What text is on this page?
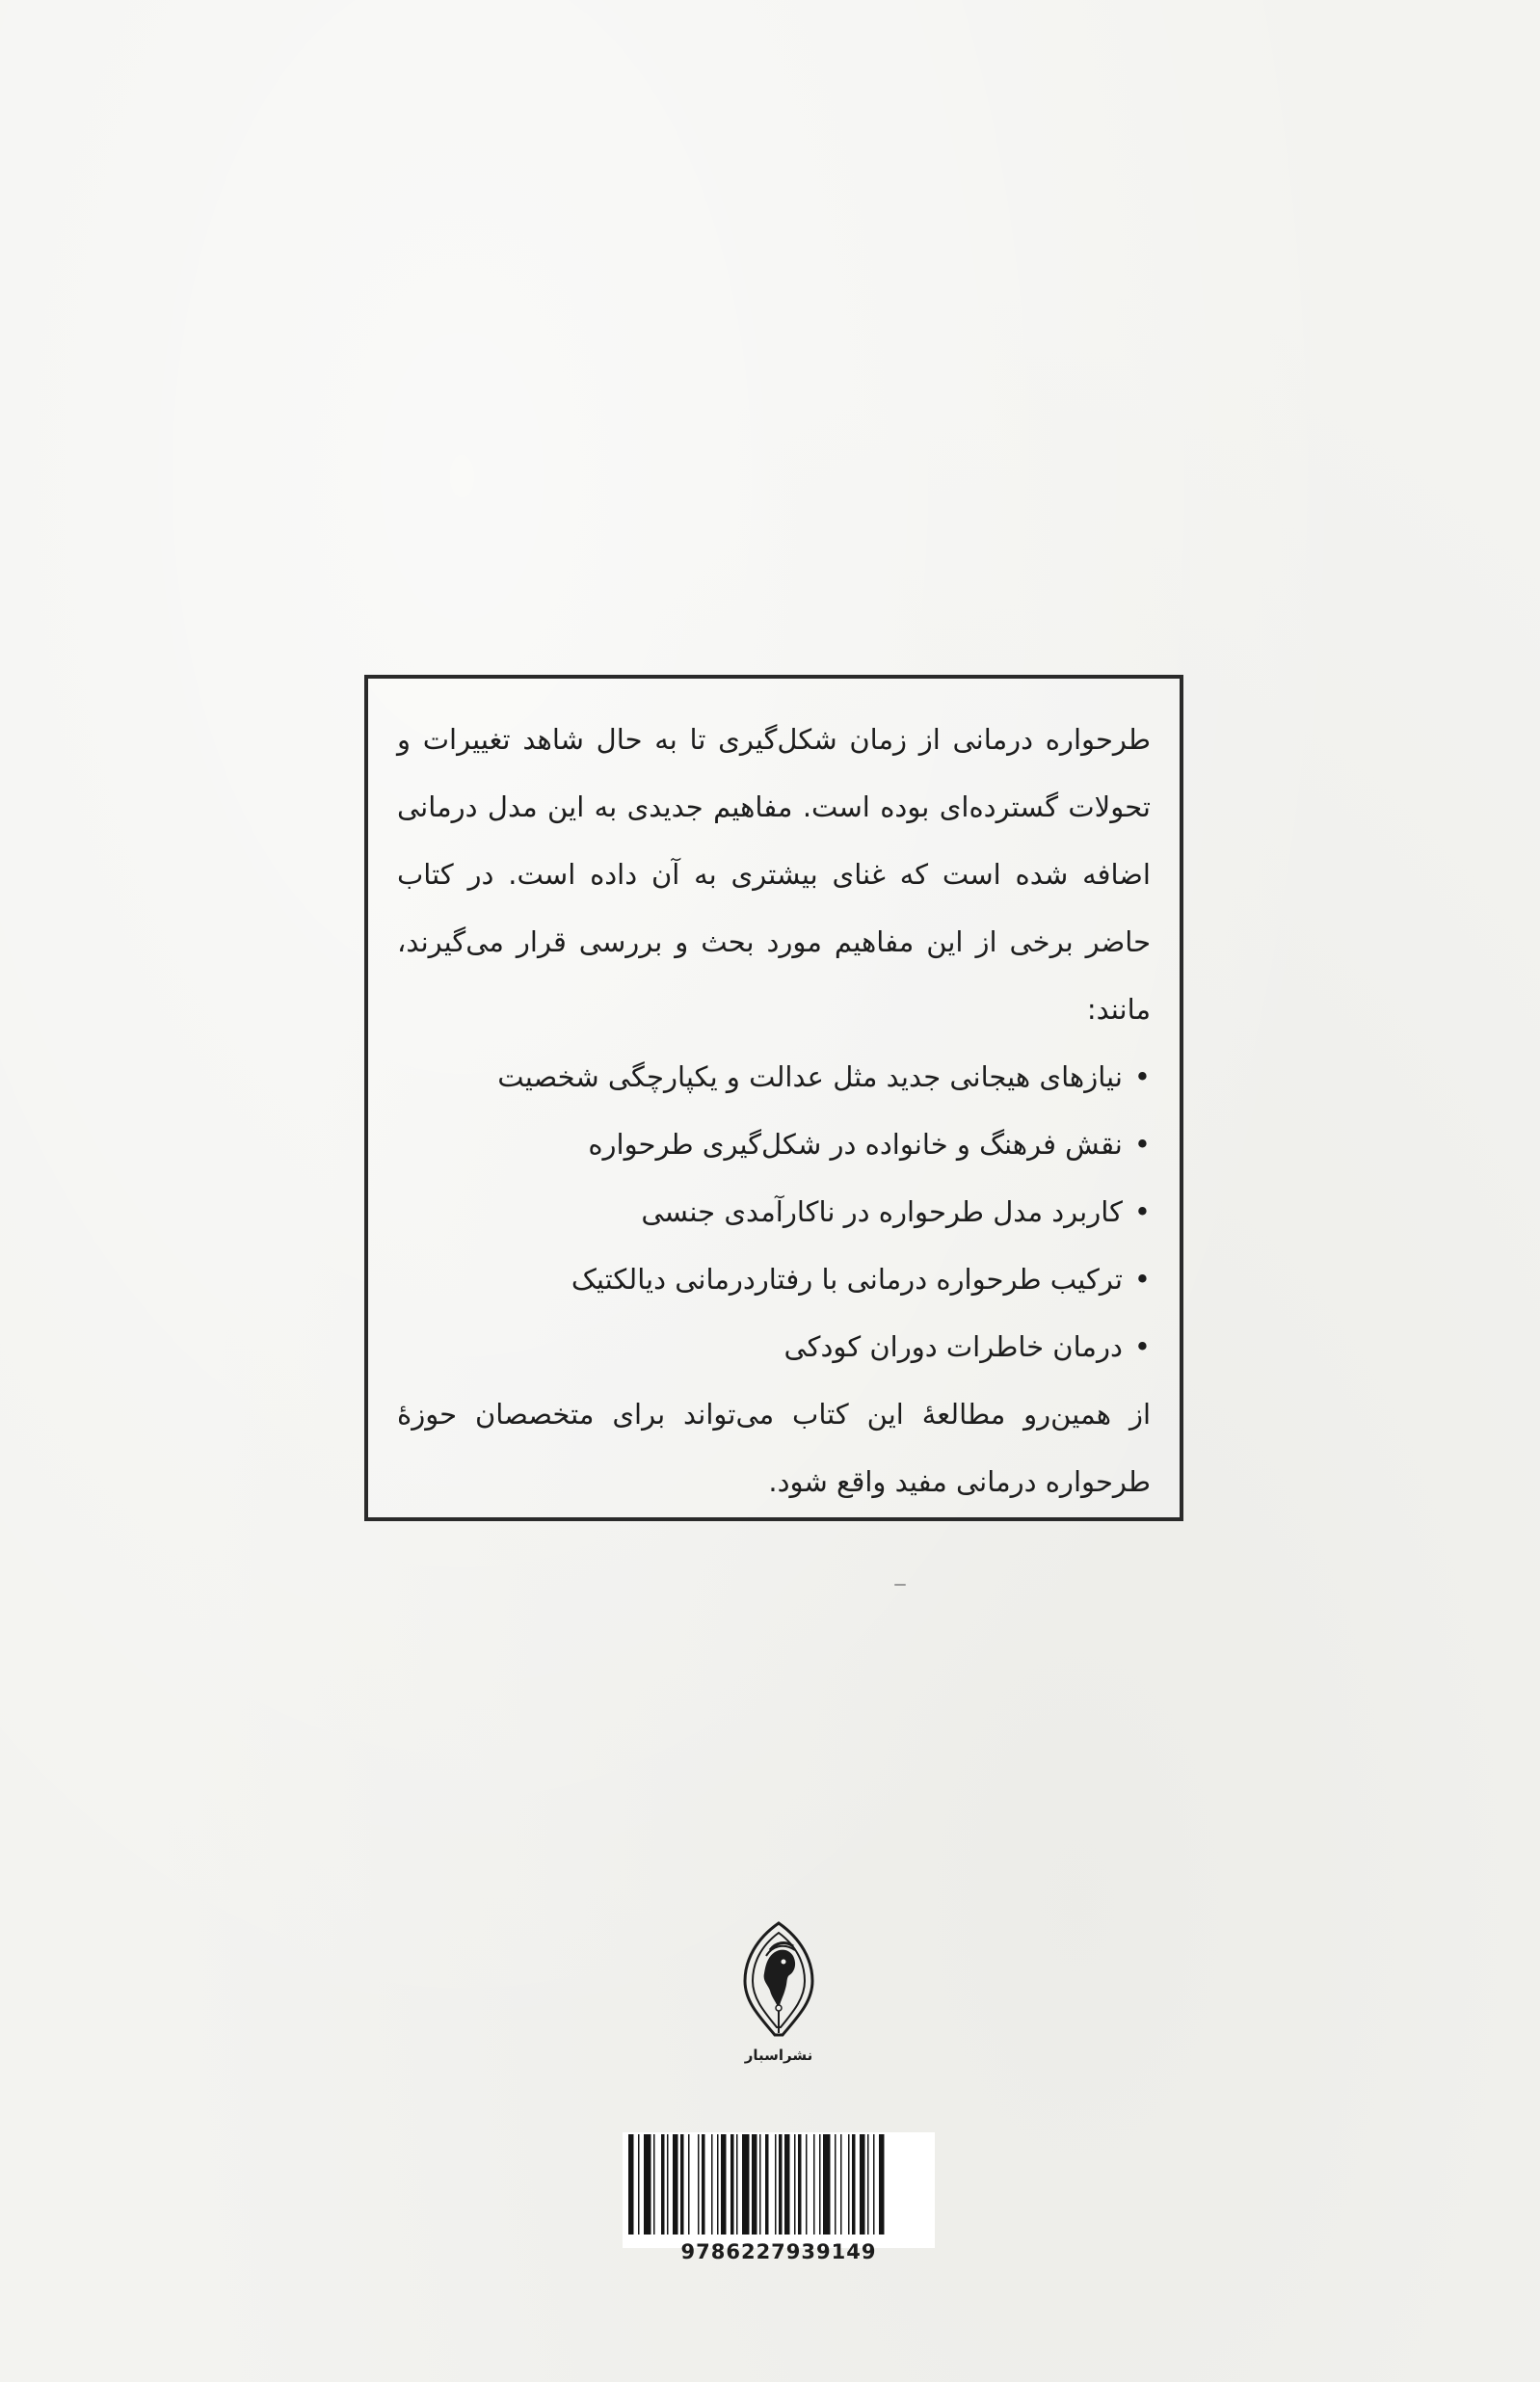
طرحواره درمانی از زمان شکل‌گیری تا به حال شاهد تغییرات و تحولات گسترده‌ای بوده است. مفاهیم جدیدی به این مدل درمانی اضافه شده است که غنای بیشتری به آن داده است. در کتاب حاضر برخی از این مفاهیم مورد بحث و بررسی قرار می‌گیرند، مانند:

•نیازهای هیجانی جدید مثل عدالت و یکپارچگی شخصیت
•نقش فرهنگ و خانواده در شکل‌گیری طرحواره
•کاربرد مدل طرحواره در ناکارآمدی جنسی
•ترکیب طرحواره درمانی با رفتاردرمانی دیالکتیک
•درمان خاطرات دوران کودکی

از همین‌رو مطالعهٔ این کتاب می‌تواند برای متخصصان حوزهٔ طرحواره درمانی مفید واقع شود.

نشراسبار
9786227939149
